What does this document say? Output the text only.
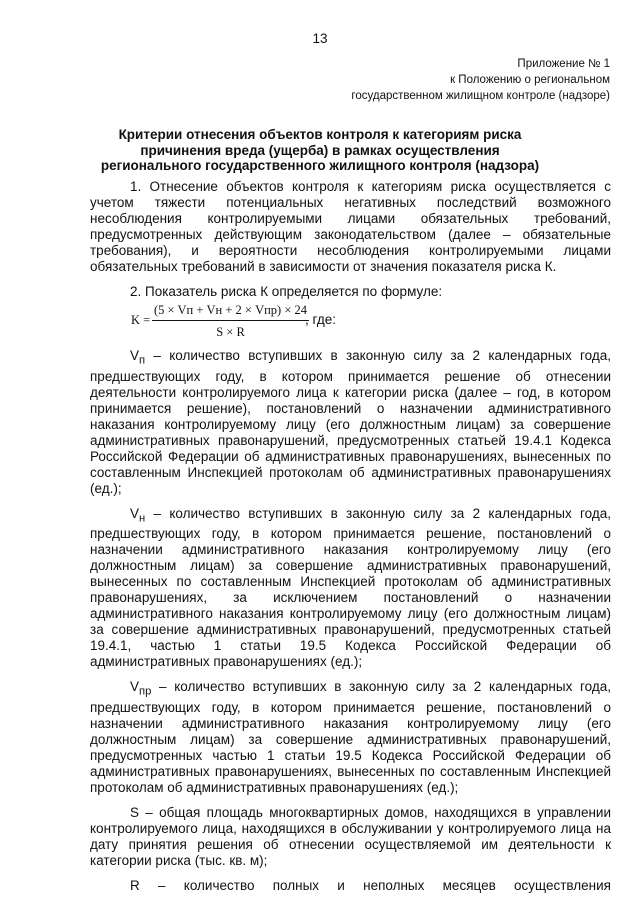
13
Приложение № 1
к Положению о региональном
государственном жилищном контроле (надзоре)
Критерии отнесения объектов контроля к категориям риска причинения вреда (ущерба) в рамках осуществления регионального государственного жилищного контроля (надзора)

1. Отнесение объектов контроля к категориям риска осуществляется с учетом тяжести потенциальных негативных последствий возможного несоблюдения контролируемыми лицами обязательных требований, предусмотренных действующим законодательством (далее – обязательные требования), и вероятности несоблюдения контролируемыми лицами обязательных требований в зависимости от значения показателя риска К.

2. Показатель риска К определяется по формуле:

K =
(5 × Vп + Vн + 2 × Vпр) × 24
S × R
, где:

$V_п$ – количество вступивших в законную силу за 2 календарных года, предшествующих году, в котором принимается решение об отнесении деятельности контролируемого лица к категории риска (далее – год, в котором принимается решение), постановлений о назначении административного наказания контролируемому лицу (его должностным лицам) за совершение административных правонарушений, предусмотренных статьей 19.4.1 Кодекса Российской Федерации об административных правонарушениях, вынесенных по составленным Инспекцией протоколам об административных правонарушениях (ед.);

$V_н$ – количество вступивших в законную силу за 2 календарных года, предшествующих году, в котором принимается решение, постановлений о назначении административного наказания контролируемому лицу (его должностным лицам) за совершение административных правонарушений, вынесенных по составленным Инспекцией протоколам об административных правонарушениях, за исключением постановлений о назначении административного наказания контролируемому лицу (его должностным лицам) за совершение административных правонарушений, предусмотренных статьей 19.4.1, частью 1 статьи 19.5 Кодекса Российской Федерации об административных правонарушениях (ед.);

$V_{пр}$ – количество вступивших в законную силу за 2 календарных года, предшествующих году, в котором принимается решение, постановлений о назначении административного наказания контролируемому лицу (его должностным лицам) за совершение административных правонарушений, предусмотренных частью 1 статьи 19.5 Кодекса Российской Федерации об административных правонарушениях, вынесенных по составленным Инспекцией протоколам об административных правонарушениях (ед.);

S – общая площадь многоквартирных домов, находящихся в управлении контролируемого лица, находящихся в обслуживании у контролируемого лица на дату принятия решения об отнесении осуществляемой им деятельности к категории риска (тыс. кв. м);

R – количество полных и неполных месяцев осуществления
